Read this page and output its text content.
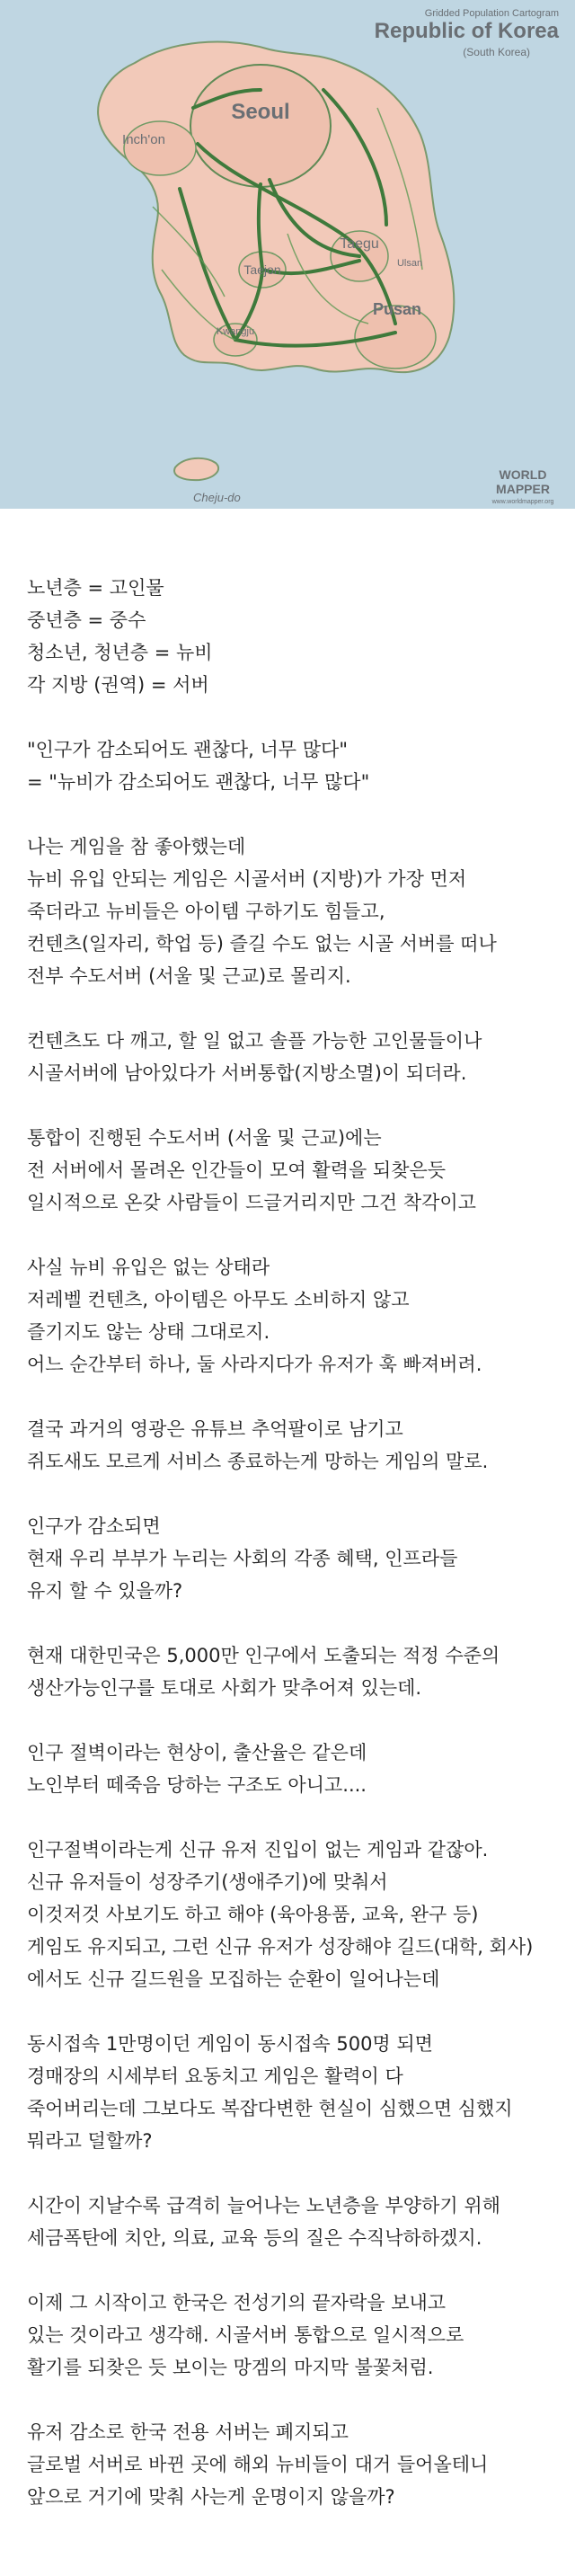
Gridded Population Cartogram
Republic of Korea
(South Korea)
Seoul
Inch'on
Taegu
Taejon	Ulsan
Pusan
Kwangju
Cheju-do
WORLD
MAPPER
www.worldmapper.org

노년층 = 고인물
중년층 = 중수
청소년, 청년층 = 뉴비
각 지방 (권역) = 서버

"인구가 감소되어도 괜찮다, 너무 많다"
= "뉴비가 감소되어도 괜찮다, 너무 많다"

나는 게임을 참 좋아했는데
뉴비 유입 안되는 게임은 시골서버 (지방)가 가장 먼저
죽더라고 뉴비들은 아이템 구하기도 힘들고,
컨텐츠(일자리, 학업 등) 즐길 수도 없는 시골 서버를 떠나
전부 수도서버 (서울 및 근교)로 몰리지.

컨텐츠도 다 깨고, 할 일 없고 솔플 가능한 고인물들이나
시골서버에 남아있다가 서버통합(지방소멸)이 되더라.

통합이 진행된 수도서버 (서울 및 근교)에는
전 서버에서 몰려온 인간들이 모여 활력을 되찾은듯
일시적으로 온갖 사람들이 드글거리지만 그건 착각이고

사실 뉴비 유입은 없는 상태라
저레벨 컨텐츠, 아이템은 아무도 소비하지 않고
즐기지도 않는 상태 그대로지.
어느 순간부터 하나, 둘 사라지다가 유저가 훅 빠져버려.

결국 과거의 영광은 유튜브 추억팔이로 남기고
쥐도새도 모르게 서비스 종료하는게 망하는 게임의 말로.

인구가 감소되면
현재 우리 부부가 누리는 사회의 각종 혜택, 인프라들
유지 할 수 있을까?

현재 대한민국은 5,000만 인구에서 도출되는 적정 수준의
생산가능인구를 토대로 사회가 맞추어져 있는데.

인구 절벽이라는 현상이, 출산율은 같은데
노인부터 떼죽음 당하는 구조도 아니고....

인구절벽이라는게 신규 유저 진입이 없는 게임과 같잖아.
신규 유저들이 성장주기(생애주기)에 맞춰서
이것저것 사보기도 하고 해야 (육아용품, 교육, 완구 등)
게임도 유지되고, 그런 신규 유저가 성장해야 길드(대학, 회사)
에서도 신규 길드원을 모집하는 순환이 일어나는데

동시접속 1만명이던 게임이 동시접속 500명 되면
경매장의 시세부터 요동치고 게임은 활력이 다
죽어버리는데 그보다도 복잡다변한 현실이 심했으면 심했지
뭐라고 덜할까?

시간이 지날수록 급격히 늘어나는 노년층을 부양하기 위해
세금폭탄에 치안, 의료, 교육 등의 질은 수직낙하하겠지.

이제 그 시작이고 한국은 전성기의 끝자락을 보내고
있는 것이라고 생각해. 시골서버 통합으로 일시적으로
활기를 되찾은 듯 보이는 망겜의 마지막 불꽃처럼.

유저 감소로 한국 전용 서버는 폐지되고
글로벌 서버로 바뀐 곳에 해외 뉴비들이 대거 들어올테니
앞으로 거기에 맞춰 사는게 운명이지 않을까?
